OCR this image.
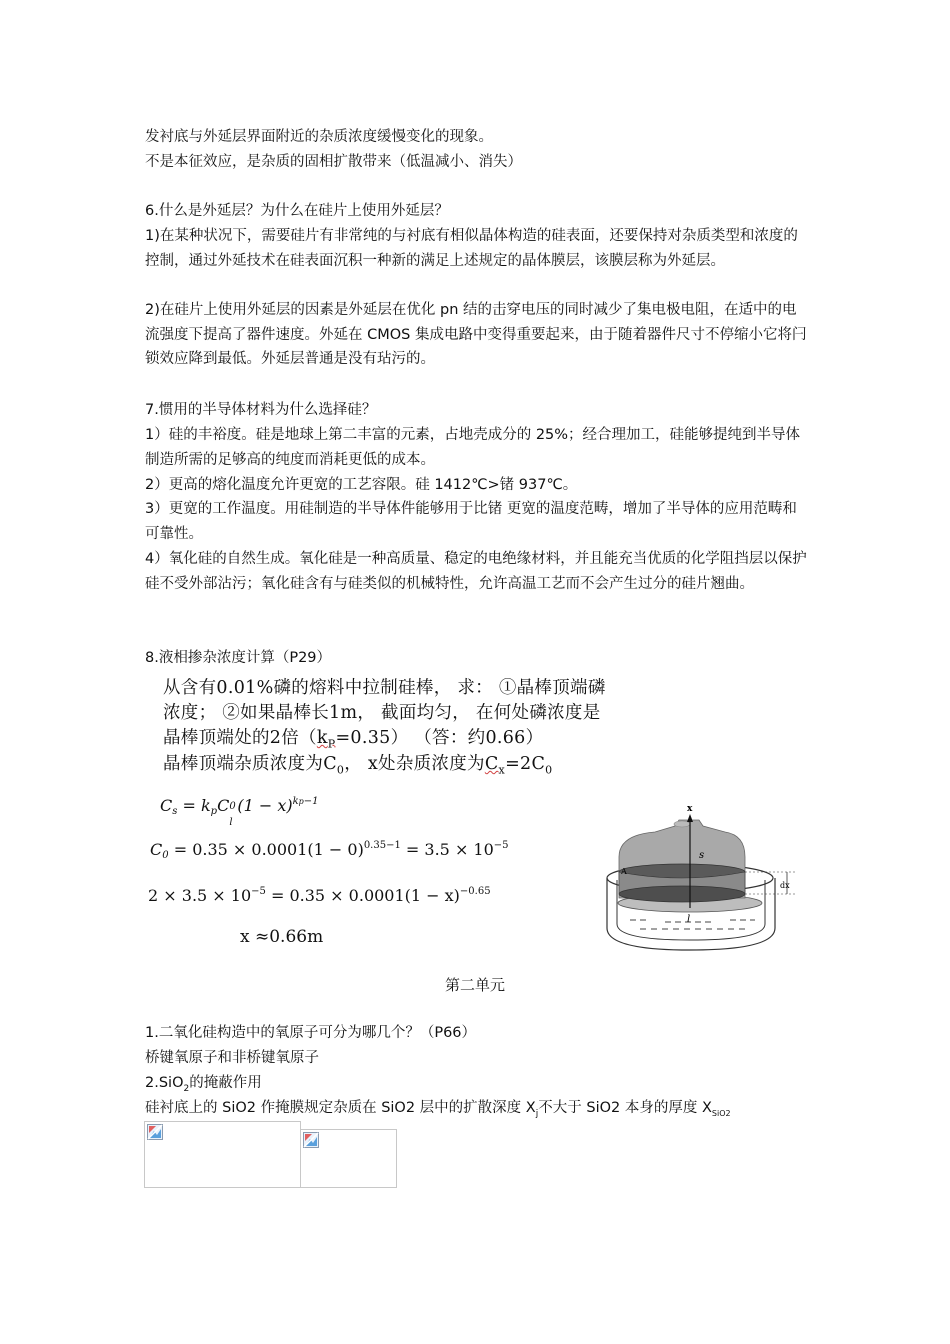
发衬底与外延层界面附近的杂质浓度缓慢变化的现象。

不是本征效应，是杂质的固相扩散带来（低温减小、消失）

6.什么是外延层？为什么在硅片上使用外延层？

1)在某种状况下，需要硅片有非常纯的与衬底有相似晶体构造的硅表面，还要保持对杂质类型和浓度的控制，通过外延技术在硅表面沉积一种新的满足上述规定的晶体膜层，该膜层称为外延层。

2)在硅片上使用外延层的因素是外延层在优化 pn 结的击穿电压的同时减少了集电极电阻，在适中的电流强度下提高了器件速度。外延在 CMOS 集成电路中变得重要起来，由于随着器件尺寸不停缩小它将闩锁效应降到最低。外延层普通是没有玷污的。

7.惯用的半导体材料为什么选择硅？

1）硅的丰裕度。硅是地球上第二丰富的元素，占地壳成分的 25%；经合理加工，硅能够提纯到半导体制造所需的足够高的纯度而消耗更低的成本。

2）更高的熔化温度允许更宽的工艺容限。硅 1412℃>锗 937℃。

3）更宽的工作温度。用硅制造的半导体件能够用于比锗 更宽的温度范畴，增加了半导体的应用范畴和可靠性。

4）氧化硅的自然生成。氧化硅是一种高质量、稳定的电绝缘材料，并且能充当优质的化学阻挡层以保护硅不受外部沾污；氧化硅含有与硅类似的机械特性，允许高温工艺而不会产生过分的硅片翘曲。

8.液相掺杂浓度计算（P29）

从含有0.01%磷的熔料中拉制硅棒， 求： ①晶棒顶端磷
浓度； ②如果晶棒长1m， 截面均匀， 在何处磷浓度是
晶棒顶端处的2倍$(k_P=0.35)$ （答：约0.66）
晶棒顶端杂质浓度为$C_0$， x处杂质浓度为$C_x=2C_0$
$C_s = k_pC$ 0
l
$(1 - x)^{kp-1}$
$C_0 = 0.35 \times 0.0001(1 - 0)^{0.35-1} = 3.5 \times 10^{-5}$
$2 \times 3.5 \times 10^{-5} = 0.35 \times 0.0001(1 - x)^{-0.65}$
x ≈0.66m
x
s
l
A
dx
第二单元

1.二氧化硅构造中的氧原子可分为哪几个？（P66）

桥键氧原子和非桥键氧原子

2.SiO$_2$的掩蔽作用

硅衬底上的 SiO2 作掩膜规定杂质在 SiO2 层中的扩散深度 $X_j$不大于 SiO2 本身的厚度 $X_{SiO2}$
